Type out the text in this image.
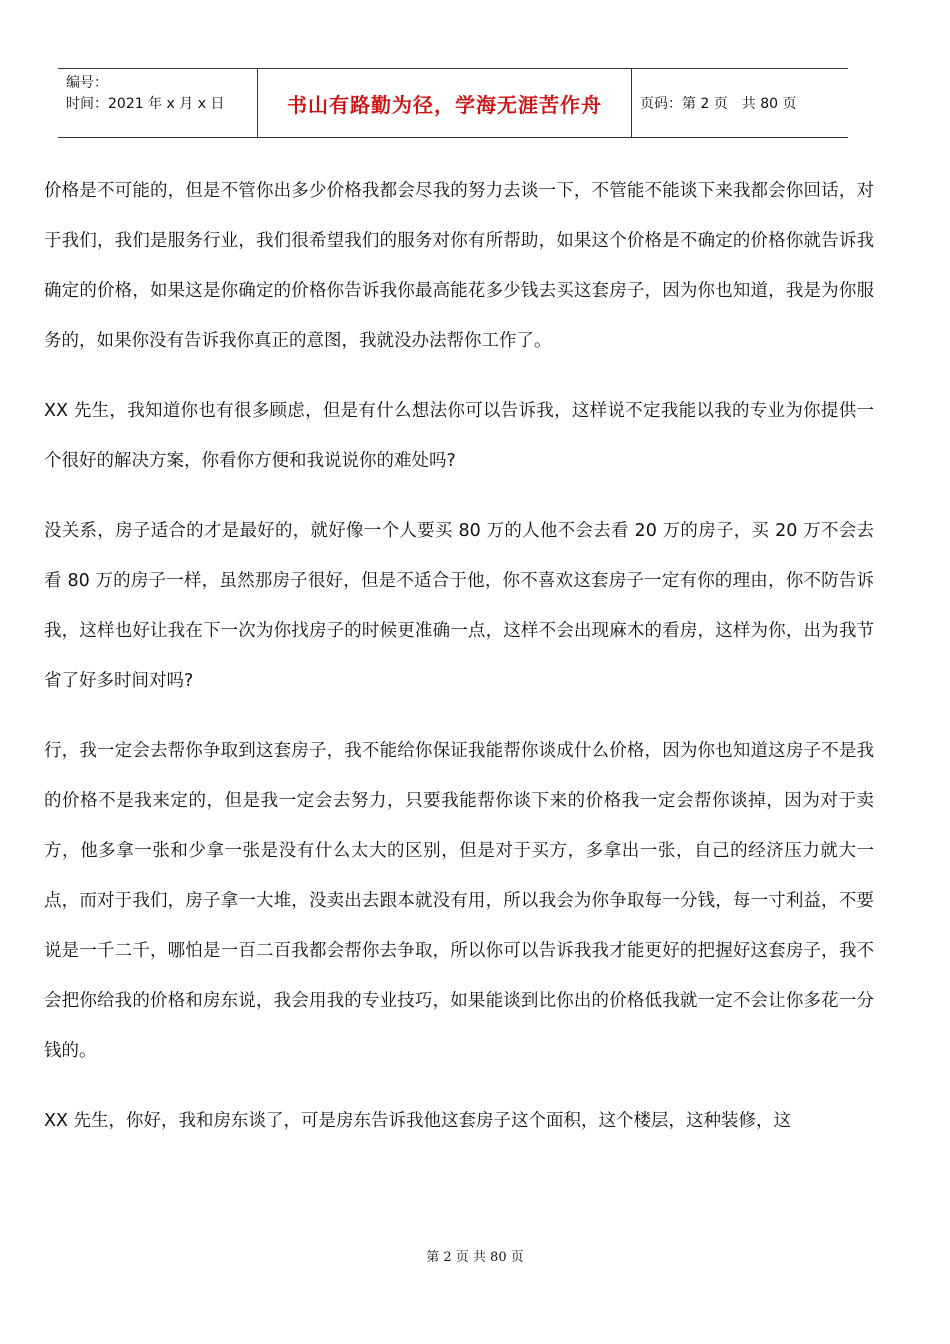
编号：
时间：2021 年 x 月 x 日	书山有路勤为径，学海无涯苦作舟	页码：第 2 页　共 80 页

价格是不可能的，但是不管你出多少价格我都会尽我的努力去谈一下，不管能不能谈下来我都会你回话，对于我们，我们是服务行业，我们很希望我们的服务对你有所帮助，如果这个价格是不确定的价格你就告诉我确定的价格，如果这是你确定的价格你告诉我你最高能花多少钱去买这套房子，因为你也知道，我是为你服务的，如果你没有告诉我你真正的意图，我就没办法帮你工作了。

XX 先生，我知道你也有很多顾虑，但是有什么想法你可以告诉我，这样说不定我能以我的专业为你提供一个很好的解决方案，你看你方便和我说说你的难处吗?

没关系，房子适合的才是最好的，就好像一个人要买 80 万的人他不会去看 20 万的房子，买 20 万不会去看 80 万的房子一样，虽然那房子很好，但是不适合于他，你不喜欢这套房子一定有你的理由，你不防告诉我，这样也好让我在下一次为你找房子的时候更准确一点，这样不会出现麻木的看房，这样为你，出为我节省了好多时间对吗?

行，我一定会去帮你争取到这套房子，我不能给你保证我能帮你谈成什么价格，因为你也知道这房子不是我的价格不是我来定的，但是我一定会去努力，只要我能帮你谈下来的价格我一定会帮你谈掉，因为对于卖方，他多拿一张和少拿一张是没有什么太大的区别，但是对于买方，多拿出一张，自己的经济压力就大一点，而对于我们，房子拿一大堆，没卖出去跟本就没有用，所以我会为你争取每一分钱，每一寸利益，不要说是一千二千，哪怕是一百二百我都会帮你去争取，所以你可以告诉我我才能更好的把握好这套房子，我不会把你给我的价格和房东说，我会用我的专业技巧，如果能谈到比你出的价格低我就一定不会让你多花一分钱的。

XX 先生，你好，我和房东谈了，可是房东告诉我他这套房子这个面积，这个楼层，这种装修，这

第 2 页 共 80 页
